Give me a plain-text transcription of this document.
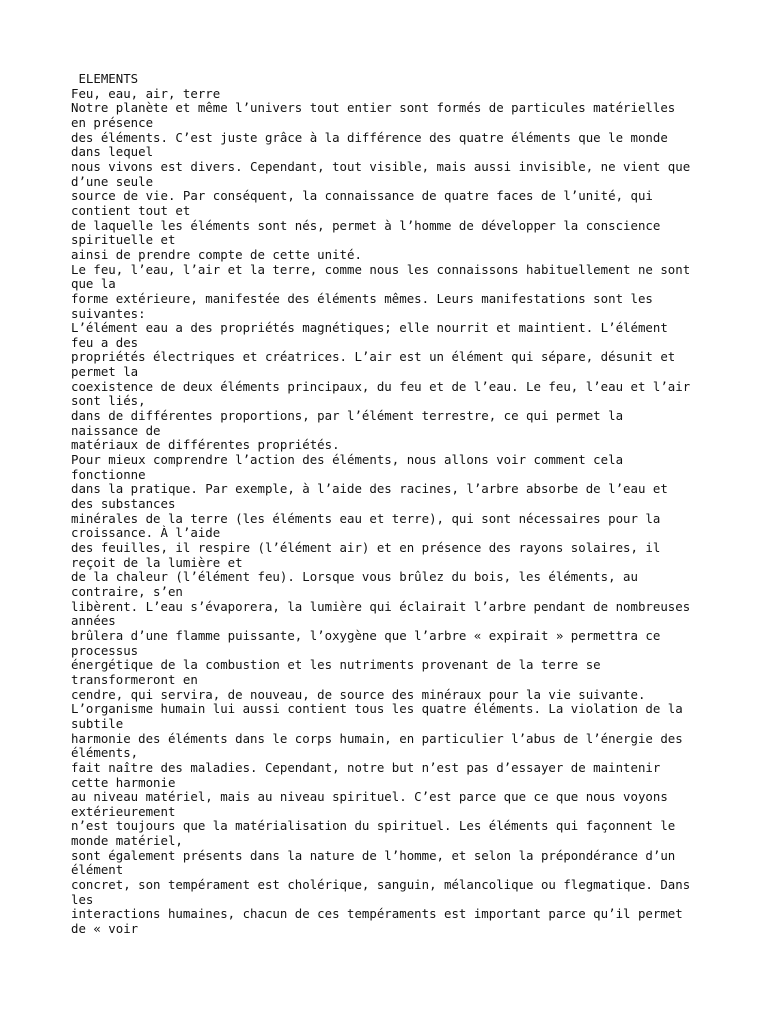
ELEMENTS
Feu, eau, air, terre
Notre planète et même l’univers tout entier sont formés de particules matérielles
en présence
des éléments. C’est juste grâce à la différence des quatre éléments que le monde
dans lequel
nous vivons est divers. Cependant, tout visible, mais aussi invisible, ne vient que
d’une seule
source de vie. Par conséquent, la connaissance de quatre faces de l’unité, qui
contient tout et
de laquelle les éléments sont nés, permet à l’homme de développer la conscience
spirituelle et
ainsi de prendre compte de cette unité.
Le feu, l’eau, l’air et la terre, comme nous les connaissons habituellement ne sont
que la
forme extérieure, manifestée des éléments mêmes. Leurs manifestations sont les
suivantes:
L’élément eau a des propriétés magnétiques; elle nourrit et maintient. L’élément
feu a des
propriétés électriques et créatrices. L’air est un élément qui sépare, désunit et
permet la
coexistence de deux éléments principaux, du feu et de l’eau. Le feu, l’eau et l’air
sont liés,
dans de différentes proportions, par l’élément terrestre, ce qui permet la
naissance de
matériaux de différentes propriétés.
Pour mieux comprendre l’action des éléments, nous allons voir comment cela
fonctionne
dans la pratique. Par exemple, à l’aide des racines, l’arbre absorbe de l’eau et
des substances
minérales de la terre (les éléments eau et terre), qui sont nécessaires pour la
croissance. À l’aide
des feuilles, il respire (l’élément air) et en présence des rayons solaires, il
reçoit de la lumière et
de la chaleur (l’élément feu). Lorsque vous brûlez du bois, les éléments, au
contraire, s’en
libèrent. L’eau s’évaporera, la lumière qui éclairait l’arbre pendant de nombreuses
années
brûlera d’une flamme puissante, l’oxygène que l’arbre « expirait » permettra ce
processus
énergétique de la combustion et les nutriments provenant de la terre se
transformeront en
cendre, qui servira, de nouveau, de source des minéraux pour la vie suivante.
L’organisme humain lui aussi contient tous les quatre éléments. La violation de la
subtile
harmonie des éléments dans le corps humain, en particulier l’abus de l’énergie des
éléments,
fait naître des maladies. Cependant, notre but n’est pas d’essayer de maintenir
cette harmonie
au niveau matériel, mais au niveau spirituel. C’est parce que ce que nous voyons
extérieurement
n’est toujours que la matérialisation du spirituel. Les éléments qui façonnent le
monde matériel,
sont également présents dans la nature de l’homme, et selon la prépondérance d’un
élément
concret, son tempérament est cholérique, sanguin, mélancolique ou flegmatique. Dans
les
interactions humaines, chacun de ces tempéraments est important parce qu’il permet
de « voir
